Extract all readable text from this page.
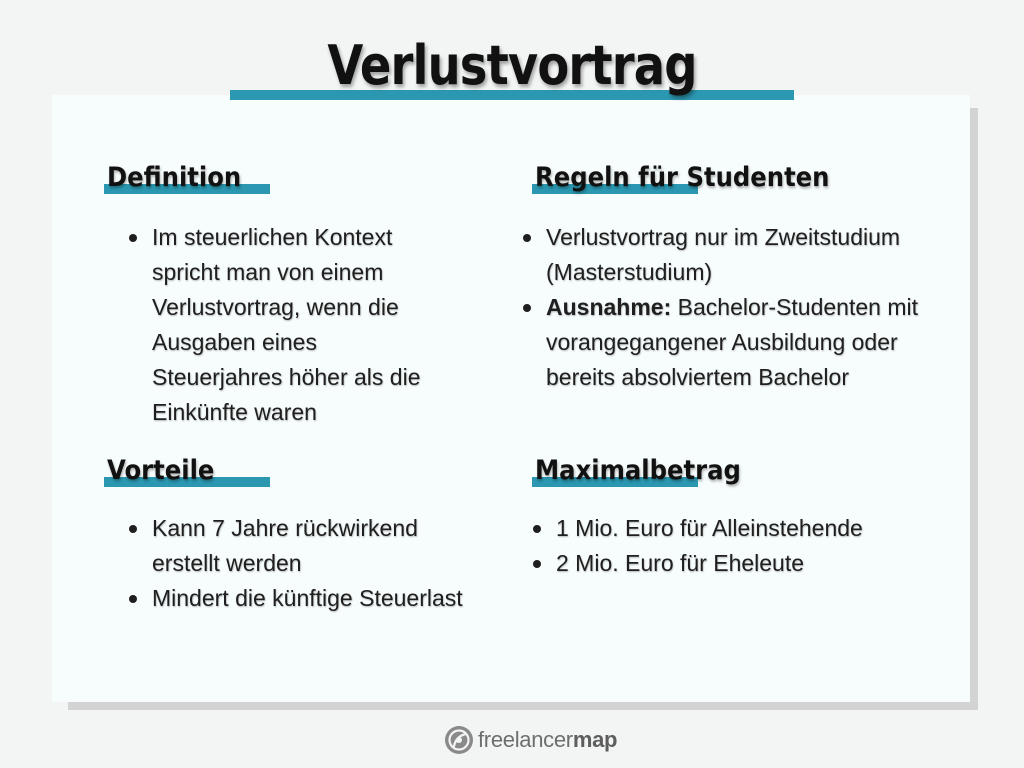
Verlustvortrag
Definition
Im steuerlichen Kontext spricht man von einem Verlustvortrag, wenn die Ausgaben eines Steuerjahres höher als die Einkünfte waren
Regeln für Studenten
Verlustvortrag nur im Zweitstudium (Masterstudium)
Ausnahme: Bachelor-Studenten mit vorangegangener Ausbildung oder bereits absolviertem Bachelor
Vorteile
Kann 7 Jahre rückwirkend erstellt werden
Mindert die künftige Steuerlast
Maximalbetrag
1 Mio. Euro für Alleinstehende
2 Mio. Euro für Eheleute
freelancermap
